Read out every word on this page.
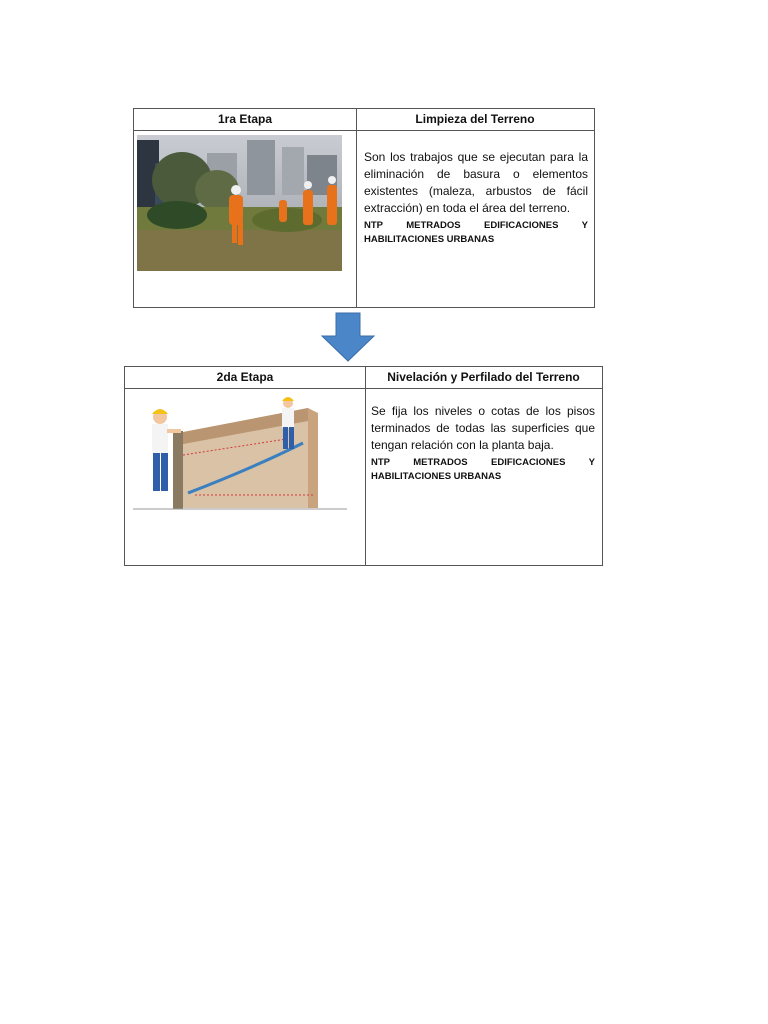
1ra Etapa	Limpieza del Terreno
Son los trabajos que se ejecutan para la eliminación de basura o elementos existentes (maleza, arbustos de fácil extracción) en toda el área del terreno.
NTP METRADOS EDIFICACIONES Y HABILITACIONES URBANAS
2da Etapa	Nivelación y Perfilado del Terreno
Se fija los niveles o cotas de los pisos terminados de todas las superficies que tengan relación con la planta baja.
NTP METRADOS EDIFICACIONES Y HABILITACIONES URBANAS
